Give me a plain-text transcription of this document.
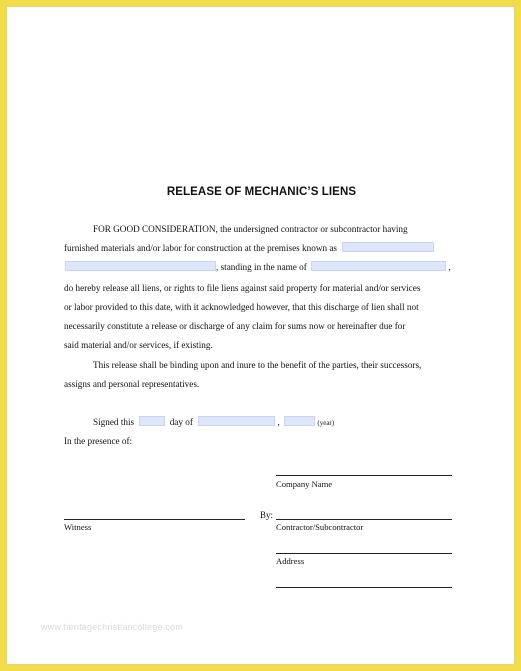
RELEASE OF MECHANIC’S LIENS
FOR GOOD CONSIDERATION, the undersigned contractor or subcontractor having
furnished materials and/or labor for construction at the premises known as
, standing in the name of	,
do hereby release all liens, or rights to file liens against said property for material and/or services
or labor provided to this date, with it acknowledged however, that this discharge of lien shall not
necessarily constitute a release or discharge of any claim for sums now or hereinafter due for
said material and/or services, if existing.
This release shall be binding upon and inure to the benefit of the parties, their successors,
assigns and personal representatives.
Signed this	day of	,	(year)
In the presence of:
Company Name
Witness
By:
Contractor/Subcontractor
Address
www.heritagechristiancollege.com
